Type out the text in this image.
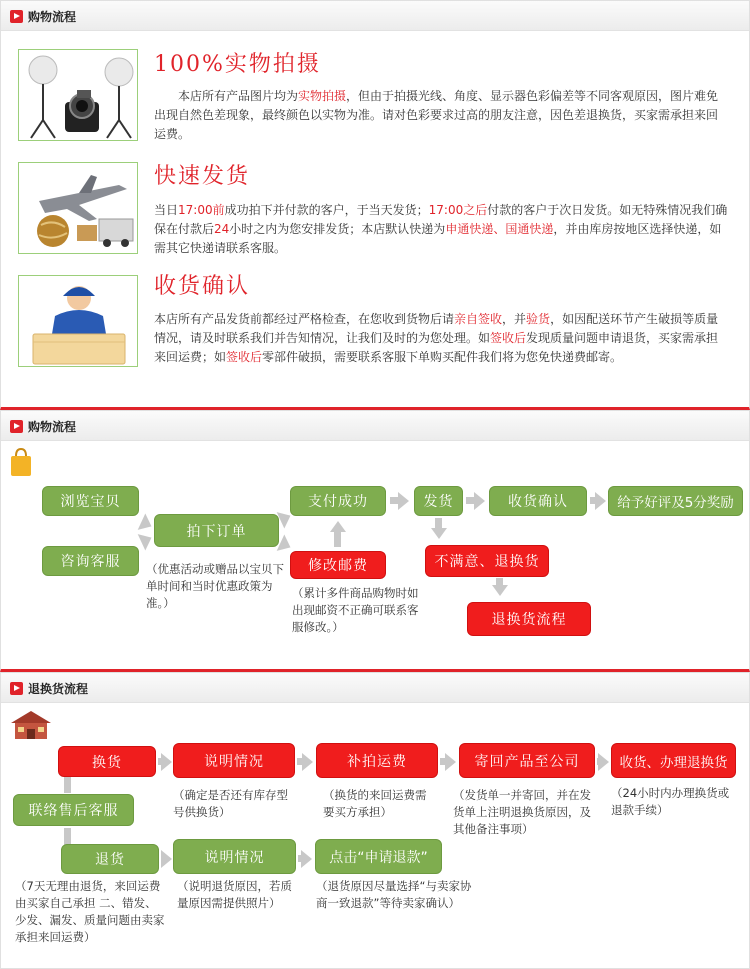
购物流程
100%实物拍摄

本店所有产品图片均为实物拍摄，但由于拍摄光线、角度、显示器色彩偏差等不同客观原因，图片难免出现自然色差现象，最终颜色以实物为准。请对色彩要求过高的朋友注意，因色差退换货，买家需承担来回运费。

快速发货

当日17:00前成功拍下并付款的客户，于当天发货；17:00之后付款的客户于次日发货。如无特殊情况我们确保在付款后24小时之内为您安排发货；本店默认快递为申通快递、国通快递，并由库房按地区选择快递，如需其它快递请联系客服。

收货确认

本店所有产品发货前都经过严格检查，在您收到货物后请亲自签收，并验货，如因配送环节产生破损等质量情况，请及时联系我们并告知情况，让我们及时的为您处理。如签收后发现质量问题申请退货，买家需承担来回运费；如签收后零部件破损，需要联系客服下单购买配件我们将为您免快递费邮寄。

购物流程
浏览宝贝
咨询客服
拍下订单
（优惠活动或赠品以宝贝下单时间和当时优惠政策为准。）
支付成功
修改邮费
（累计多件商品购物时如出现邮资不正确可联系客服修改。）
发货	收货确认	给予好评及5分奖励
不满意、退换货
退换货流程
退换货流程
联络售后客服
换货	说明情况
（确定是否还有库存型号供换货）
补拍运费
（换货的来回运费需要买方承担）
寄回产品至公司
（发货单一并寄回，并在发货单上注明退换货原因，及其他备注事项）
收货、办理退换货
（24小时内办理换货或退款手续）
退货
（7天无理由退货，来回运费由买家自己承担 二、错发、少发、漏发、质量问题由卖家承担来回运费）
说明情况
（说明退货原因，若质量原因需提供照片）
点击“申请退款”
（退货原因尽量选择“与卖家协商一致退款”等待卖家确认）
